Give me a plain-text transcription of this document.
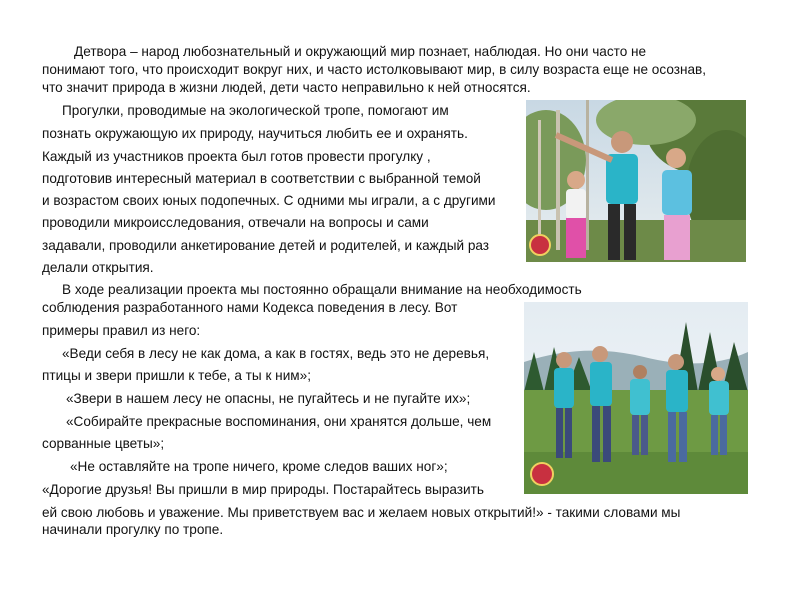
Детвора – народ любознательный и окружающий мир познает, наблюдая. Но они часто не

понимают того, что происходит вокруг них, и часто истолковывают мир, в силу возраста еще не осознав,

что значит природа в жизни людей, дети часто неправильно к ней относятся.

Прогулки, проводимые на экологической тропе, помогают им

познать окружающую их природу, научиться любить ее и охранять.

Каждый из участников проекта был готов провести прогулку ,

подготовив интересный материал в соответствии с выбранной темой

и возрастом своих юных подопечных. С одними мы играли, а с другими

проводили микроисследования, отвечали на вопросы и сами

задавали, проводили анкетирование детей и родителей, и каждый раз

делали открытия.

В ходе реализации проекта мы постоянно обращали внимание на необходимость

соблюдения разработанного нами Кодекса поведения в лесу. Вот

примеры правил из него:

«Веди себя в лесу не как дома, а как в гостях, ведь это не деревья,

птицы и звери пришли к тебе, а ты к ним»;

«Звери в нашем лесу не опасны, не пугайтесь и не пугайте их»;

«Собирайте прекрасные воспоминания, они хранятся дольше, чем

сорванные цветы»;

«Не оставляйте на тропе ничего, кроме следов ваших ног»;

«Дорогие друзья! Вы пришли в мир природы. Постарайтесь выразить

ей свою любовь и уважение. Мы приветствуем вас и желаем новых открытий!» - такими словами мы

начинали прогулку по тропе.
